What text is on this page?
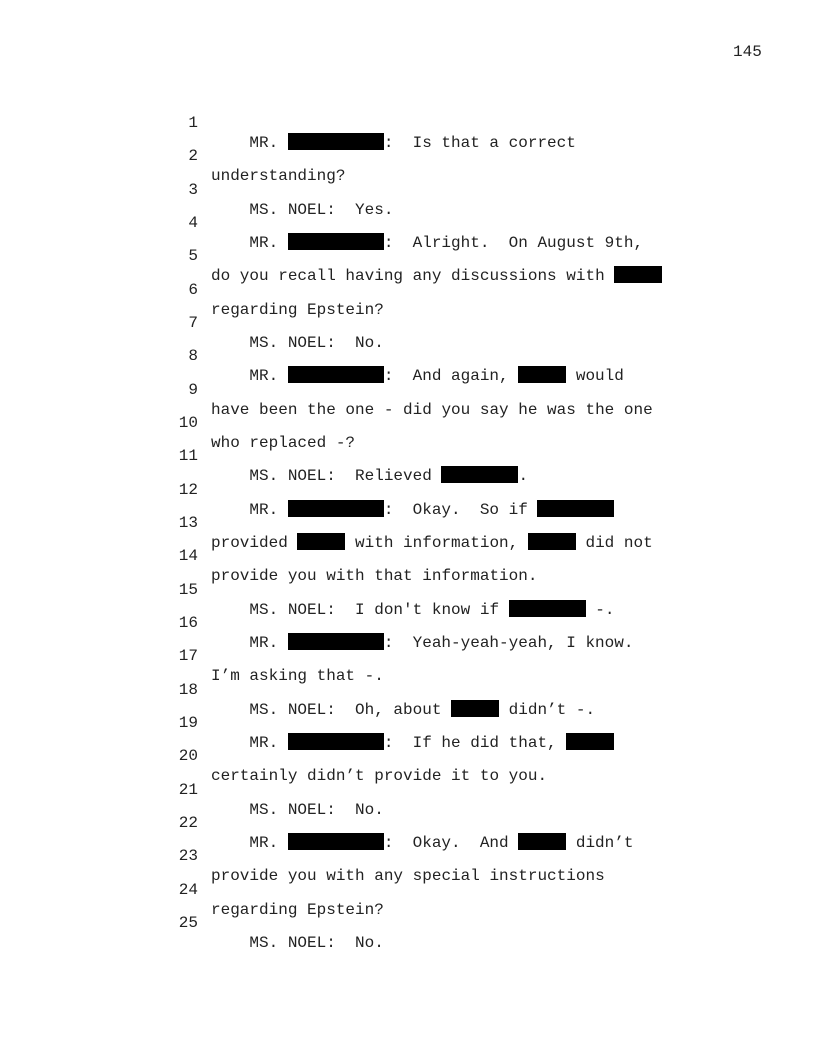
145

1

MR.	:  Is that a correct

2

understanding?

3

MS. NOEL:  Yes.

4

MR.	:  Alright.  On August 9th,

5

do you recall having any discussions with

6

regarding Epstein?

7

MS. NOEL:  No.

8

MR.	:  And again,	would

9

have been the one - did you say he was the one

10

who replaced -?

11

MS. NOEL:  Relieved	.

12

MR.	:  Okay.  So if

13

provided	with information,	did not

14

provide you with that information.

15

MS. NOEL:  I don't know if	-.

16

MR.	:  Yeah-yeah-yeah, I know.

17

I’m asking that -.

18

MS. NOEL:  Oh, about	didn’t -.

19

MR.	:  If he did that,

20

certainly didn’t provide it to you.

21

MS. NOEL:  No.

22

MR.	:  Okay.  And	didn’t

23

provide you with any special instructions

24

regarding Epstein?

25

MS. NOEL:  No.
